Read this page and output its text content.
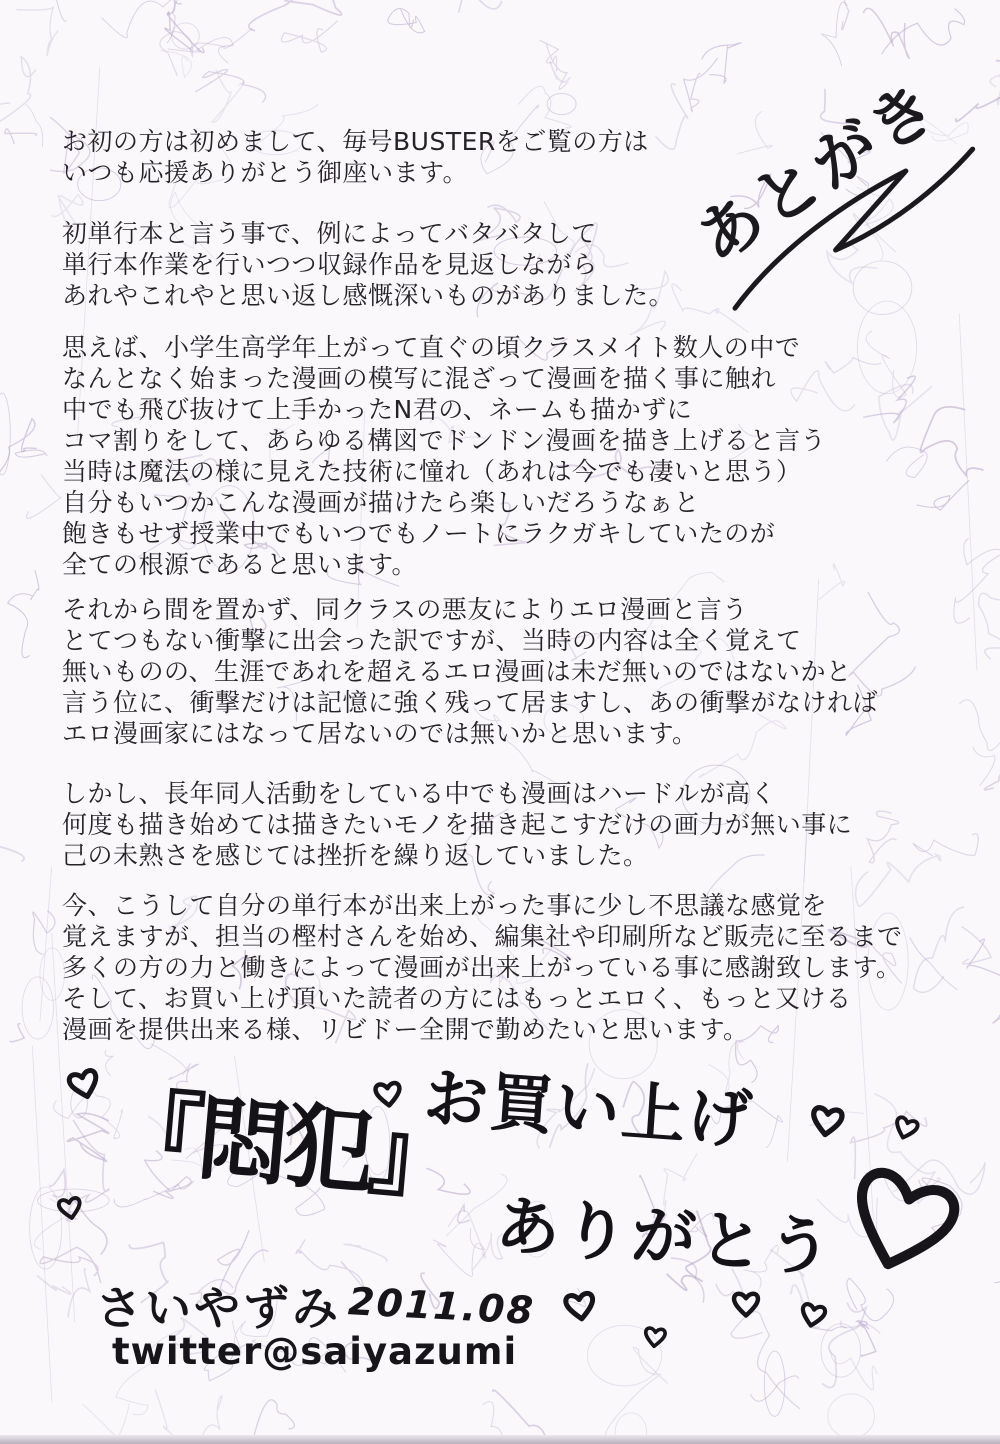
あとがき
お初の方は初めまして、毎号BUSTERをご覧の方は
いつも応援ありがとう御座います。
初単行本と言う事で、例によってバタバタして
単行本作業を行いつつ収録作品を見返しながら
あれやこれやと思い返し感慨深いものがありました。
思えば、小学生高学年上がって直ぐの頃クラスメイト数人の中で
なんとなく始まった漫画の模写に混ざって漫画を描く事に触れ
中でも飛び抜けて上手かったN君の、ネームも描かずに
コマ割りをして、あらゆる構図でドンドン漫画を描き上げると言う
当時は魔法の様に見えた技術に憧れ（あれは今でも凄いと思う）
自分もいつかこんな漫画が描けたら楽しいだろうなぁと
飽きもせず授業中でもいつでもノートにラクガキしていたのが
全ての根源であると思います。
それから間を置かず、同クラスの悪友によりエロ漫画と言う
とてつもない衝撃に出会った訳ですが、当時の内容は全く覚えて
無いものの、生涯であれを超えるエロ漫画は未だ無いのではないかと
言う位に、衝撃だけは記憶に強く残って居ますし、あの衝撃がなければ
エロ漫画家にはなって居ないのでは無いかと思います。
しかし、長年同人活動をしている中でも漫画はハードルが高く
何度も描き始めては描きたいモノを描き起こすだけの画力が無い事に
己の未熟さを感じては挫折を繰り返していました。
今、こうして自分の単行本が出来上がった事に少し不思議な感覚を
覚えますが、担当の樫村さんを始め、編集社や印刷所など販売に至るまで
多くの方の力と働きによって漫画が出来上がっている事に感謝致します。
そして、お買い上げ頂いた読者の方にはもっとエロく、もっと又ける
漫画を提供出来る様、リビドー全開で勤めたいと思います。
『悶犯』
お買い上げ
ありがとう
さいやずみ 2011.08
twitter@saiyazumi
